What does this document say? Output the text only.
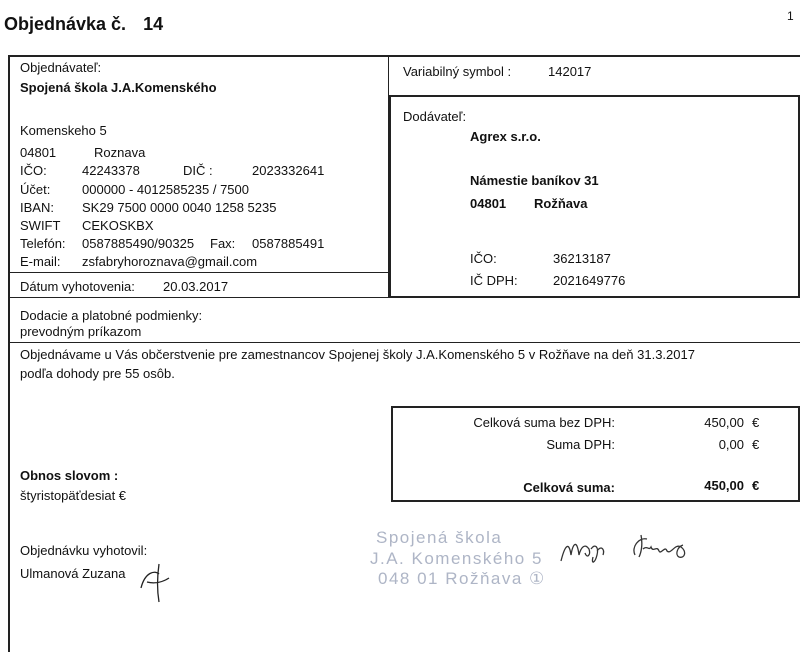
Objednávka č. 14	1
Objednávateľ:
Spojená škola J.A.Komenského
Komenskeho 5
04801	Roznava
IČO:	42243378	DIČ :	2023332641
Účet: 000000 - 4012585235 / 7500
IBAN: SK29 7500 0000 0040 1258 5235
SWIFT CEKOSKBX
Telefón: 0587885490/90325 Fax: 0587885491
E-mail: zsfabryhoroznava@gmail.com
Dátum vyhotovenia: 20.03.2017
Variabilný symbol :	142017
Dodávateľ:
Agrex s.r.o.
Námestie baníkov 31
04801 Rožňava
IČO:	36213187
IČ DPH:	2021649776
Dodacie a platobné podmienky:
prevodným príkazom
Objednávame u Vás občerstvenie pre zamestnancov Spojenej školy J.A.Komenského 5 v Rožňave na deň 31.3.2017
podľa dohody pre 55 osôb.
Celková suma bez DPH:	450,00 €
Suma DPH:	0,00 €
Celková suma:	450,00 €
Obnos slovom :
štyristopäťdesiat €
Objednávku vyhotovil:
Ulmanová Zuzana
Spojená škola
J.A. Komenského 5
048 01 Rožňava ①
